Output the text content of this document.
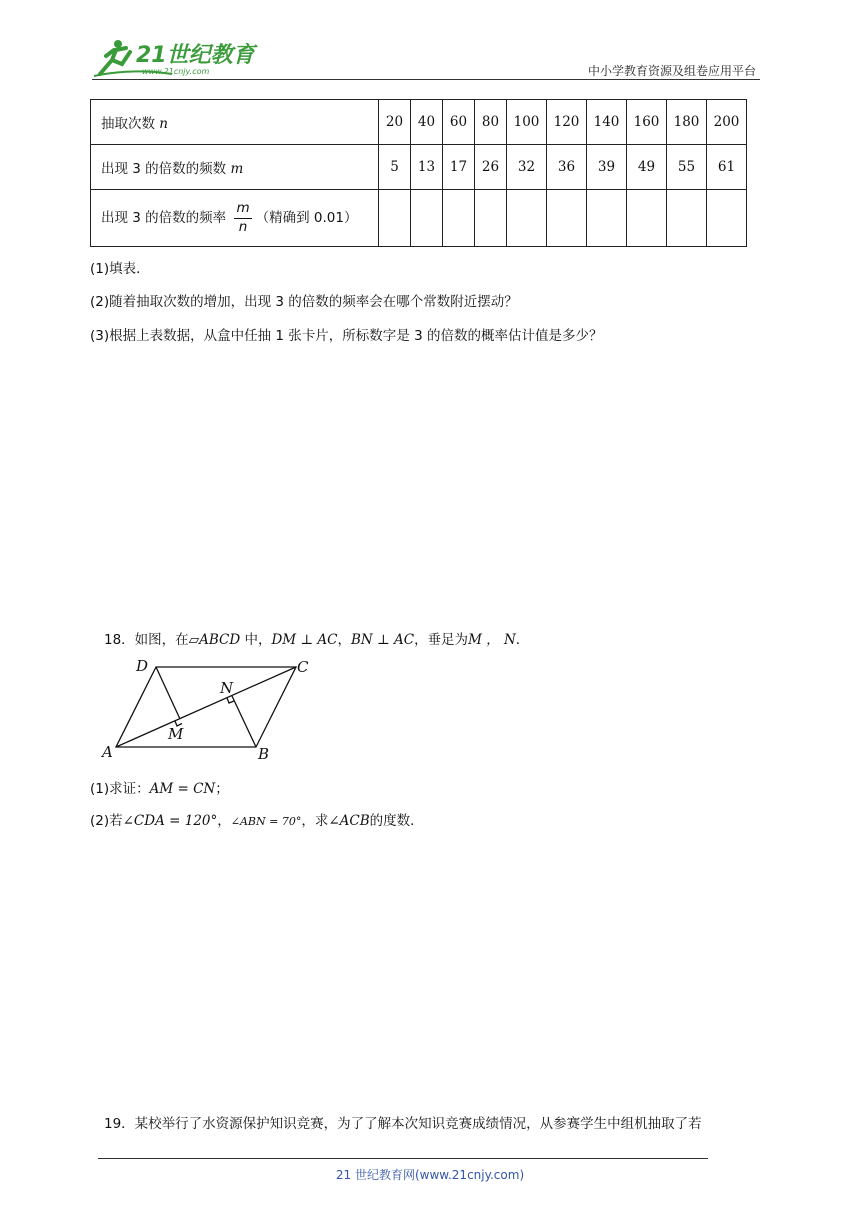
21世纪教育
www.21cnjy.com	中小学教育资源及组卷应用平台
抽取次数 n	20	40	60	80	100	120	140	160	180	200
出现 3 的倍数的频数 m	5	13	17	26	32	36	39	49	55	61
出现 3 的倍数的频率 $\frac{m}{n}$ （精确到 0.01）										
(1)填表．
(2)随着抽取次数的增加，出现 3 的倍数的频率会在哪个常数附近摆动？
(3)根据上表数据，从盒中任抽 1 张卡片，所标数字是 3 的倍数的概率估计值是多少？
18．如图，在▱ABCD 中，DM ⊥ AC，BN ⊥ AC，垂足为M ， N．
A	B
C
D
M
N
(1)求证：AM = CN；
(2)若∠CDA = 120°，∠ABN = 70°，求∠ACB的度数．
19．某校举行了水资源保护知识竞赛，为了了解本次知识竞赛成绩情况，从参赛学生中组机抽取了若
21 世纪教育网(www.21cnjy.com)
